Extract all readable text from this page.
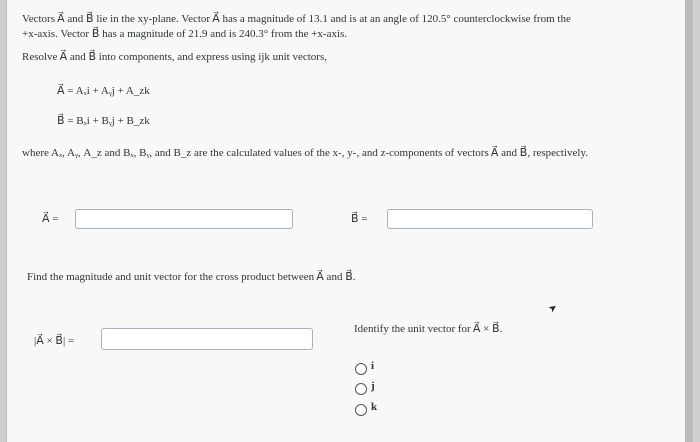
Vectors A⃗ and B⃗ lie in the xy-plane. Vector A⃗ has a magnitude of 13.1 and is at an angle of 120.5° counterclockwise from the
+x-axis. Vector B⃗ has a magnitude of 21.9 and is 240.3° from the +x-axis.
Resolve A⃗ and B⃗ into components, and express using ijk unit vectors,
A⃗ = Aₓi + Aᵧj + A_zk
B⃗ = Bₓi + Bᵧj + B_zk
where Aₓ, Aᵧ, A_z and Bₓ, Bᵧ, and B_z are the calculated values of the x-, y-, and z-components of vectors A⃗ and B⃗, respectively.
A⃗ =	B⃗ =
Find the magnitude and unit vector for the cross product between A⃗ and B⃗.
|A⃗ × B⃗| =
Identify the unit vector for A⃗ × B⃗.
i
j
k
➤
